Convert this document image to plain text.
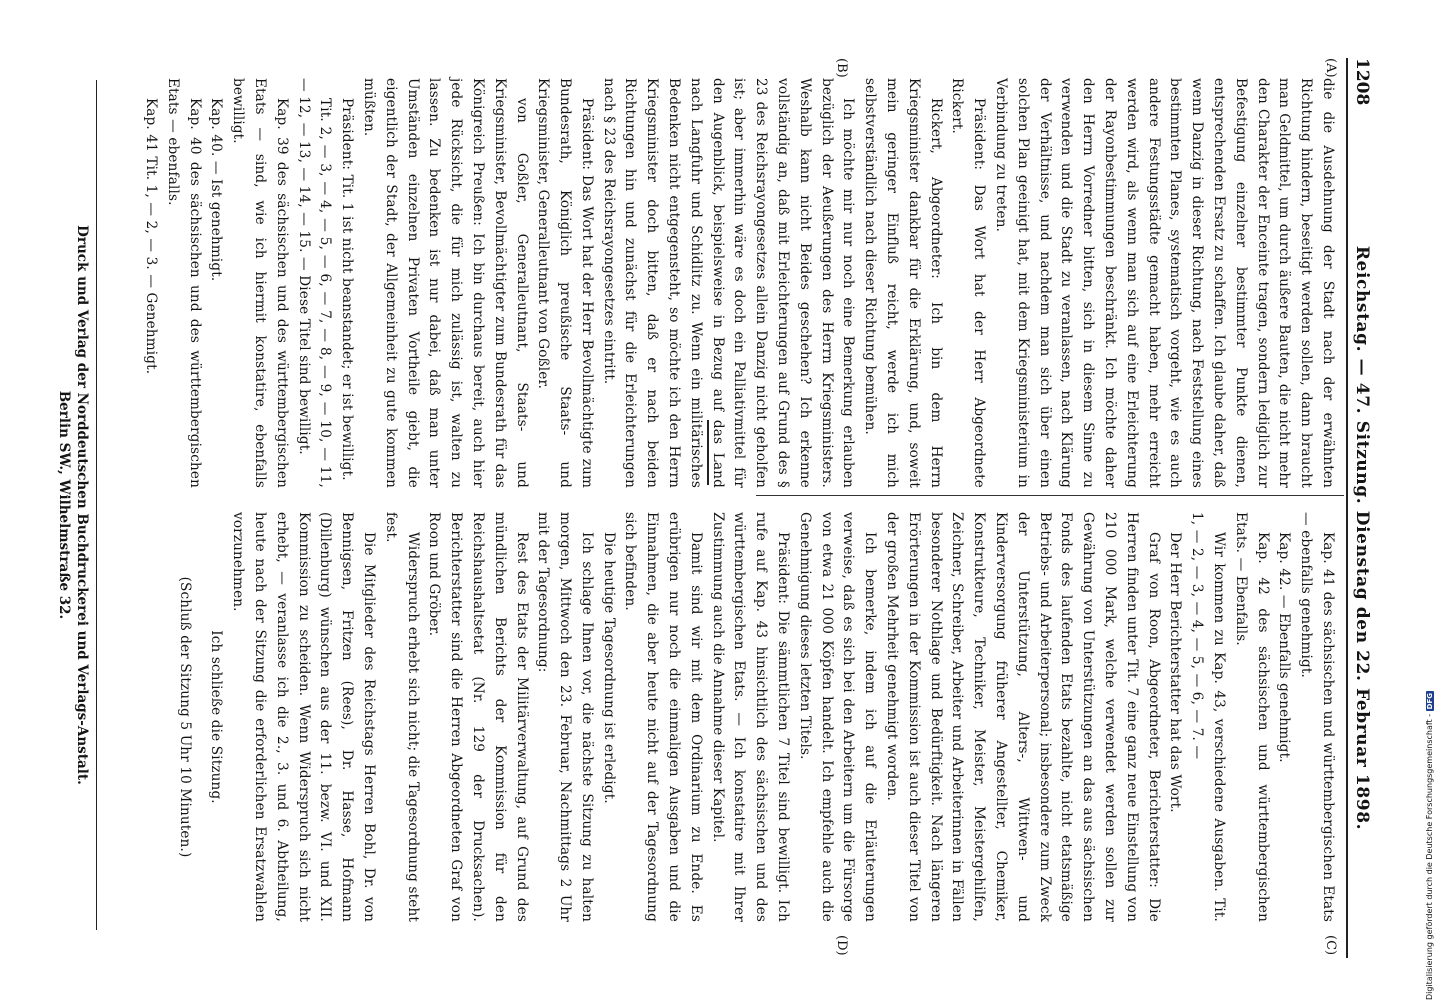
1208
Reichstag. — 47. Sitzung. Dienstag den 22. Februar 1898.
(A)
(B)
(C)
(D)

die die Ausdehnung der Stadt nach der erwähnten Richtung hindern, beseitigt werden sollen, dann braucht man Geldmittel, um durch äußere Bauten, die nicht mehr den Charakter der Enceinte tragen, sondern lediglich zur Befestigung einzelner bestimmter Punkte dienen, entsprechenden Ersatz zu schaffen. Ich glaube daher, daß wenn Danzig in dieser Richtung, nach Feststellung eines bestimmten Planes, systematisch vorgeht, wie es auch andere Festungsstädte gemacht haben, mehr erreicht werden wird, als wenn man sich auf eine Erleichterung der Rayonbestimmungen beschränkt. Ich möchte daher den Herrn Vorredner bitten, sich in diesem Sinne zu verwenden und die Stadt zu veranlassen, nach Klärung der Verhältnisse, und nachdem man sich über einen solchen Plan geeinigt hat, mit dem Kriegsministerium in Verbindung zu treten.

Präsident: Das Wort hat der Herr Abgeordnete Rickert.

Rickert, Abgeordneter: Ich bin dem Herrn Kriegsminister dankbar für die Erklärung, und, soweit mein geringer Einfluß reicht, werde ich mich selbstverständlich nach dieser Richtung bemühen.

Ich möchte mir nur noch eine Bemerkung erlauben bezüglich der Aeußerungen des Herrn Kriegsministers. Weshalb kann nicht Beides geschehen? Ich erkenne vollständig an, daß mit Erleichterungen auf Grund des § 23 des Reichsrayongesetzes allein Danzig nicht geholfen ist; aber immerhin wäre es doch ein Palliativmittel für den Augenblick, beispielsweise in Bezug auf das Land nach Langfuhr und Schidlitz zu. Wenn ein militärisches Bedenken nicht entgegensteht, so möchte ich den Herrn Kriegsminister doch bitten, daß er nach beiden Richtungen hin und zunächst für die Erleichterungen nach § 23 des Reichsrayongesetzes eintritt.

Präsident: Das Wort hat der Herr Bevollmächtigte zum Bundesrath, Königlich preußische Staats- und Kriegsminister, Generalleutnant von Goßler.

von Goßler, Generalleutnant, Staats- und Kriegsminister, Bevollmächtigter zum Bundesrath für das Königreich Preußen: Ich bin durchaus bereit, auch hier jede Rücksicht, die für mich zulässig ist, walten zu lassen. Zu bedenken ist nur dabei, daß man unter Umständen einzelnen Privaten Vortheile giebt, die eigentlich der Stadt, der Allgemeinheit zu gute kommen müßten.

Präsident: Tit. 1 ist nicht beanstandet; er ist bewilligt.

Tit. 2, — 3, — 4, — 5, — 6, — 7, — 8, — 9, — 10, — 11, — 12, — 13, — 14, — 15. — Diese Titel sind bewilligt.

Kap. 39 des sächsischen und des württembergischen Etats — sind, wie ich hiermit konstatire, ebenfalls bewilligt.

Kap. 40. — Ist genehmigt.

Kap. 40 des sächsischen und des württembergischen Etats — ebenfalls.

Kap. 41 Tit. 1, — 2, — 3. — Genehmigt.

Kap. 41 des sächsischen und württembergischen Etats — ebenfalls genehmigt.

Kap. 42. — Ebenfalls genehmigt.

Kap. 42 des sächsischen und württembergischen Etats. — Ebenfalls.

Wir kommen zu Kap. 43, verschiedene Ausgaben. Tit. 1, — 2, — 3, — 4, — 5, — 6, — 7. —

Der Herr Berichterstatter hat das Wort.

Graf von Roon, Abgeordneter, Berichterstatter: Die Herren finden unter Tit. 7 eine ganz neue Einstellung von 210 000 Mark, welche verwendet werden sollen zur Gewährung von Unterstützungen an das aus sächsischen Fonds des laufenden Etats bezahlte, nicht etatsmäßige Betriebs- und Arbeiterpersonal; insbesondere zum Zweck der Unterstützung, Alters-, Wittwen- und Kinderversorgung früherer Angestellter, Chemiker, Konstrukteure, Techniker, Meister, Meistergehilfen, Zeichner, Schreiber, Arbeiter und Arbeiterinnen in Fällen besonderer Nothlage und Bedürftigkeit. Nach längeren Erörterungen in der Kommission ist auch dieser Titel von der großen Mehrheit genehmigt worden.

Ich bemerke, indem ich auf die Erläuterungen verweise, daß es sich bei den Arbeitern um die Fürsorge von etwa 21 000 Köpfen handelt. Ich empfehle auch die Genehmigung dieses letzten Titels.

Präsident: Die sämmtlichen 7 Titel sind bewilligt. Ich rufe auf Kap. 43 hinsichtlich des sächsischen und des württembergischen Etats. — Ich konstatire mit Ihrer Zustimmung auch die Annahme dieser Kapitel.

Damit sind wir mit dem Ordinarium zu Ende. Es erübrigen nur noch die einmaligen Ausgaben und die Einnahmen, die aber heute nicht auf der Tagesordnung sich befinden.

Die heutige Tagesordnung ist erledigt.

Ich schlage Ihnen vor, die nächste Sitzung zu halten morgen, Mittwoch den 23. Februar, Nachmittags 2 Uhr mit der Tagesordnung:

Rest des Etats der Militärverwaltung, auf Grund des mündlichen Berichts der Kommission für den Reichshaushaltsetat (Nr. 129 der Drucksachen). Berichterstatter sind die Herren Abgeordneten Graf von Roon und Gröber.

Widerspruch erhebt sich nicht; die Tagesordnung steht fest.

Die Mitglieder des Reichstags Herren Bohl, Dr. von Bennigsen, Fritzen (Rees), Dr. Hasse, Hofmann (Dillenburg) wünschen aus der 11. bezw. VI. und XII. Kommission zu scheiden. Wenn Widerspruch sich nicht erhebt, — veranlasse ich die 2., 3. und 6. Abtheilung, heute nach der Sitzung die erforderlichen Ersatzwahlen vorzunehmen.

Ich schließe die Sitzung.

(Schluß der Sitzung 5 Uhr 10 Minuten.)

Druck und Verlag der Norddeutschen Buchdruckerei und Verlags-Anstalt.
Berlin SW., Wilhelmstraße 32.
Digitalisierung gefördert durch die Deutsche Forschungsgemeinschaft - DFG
